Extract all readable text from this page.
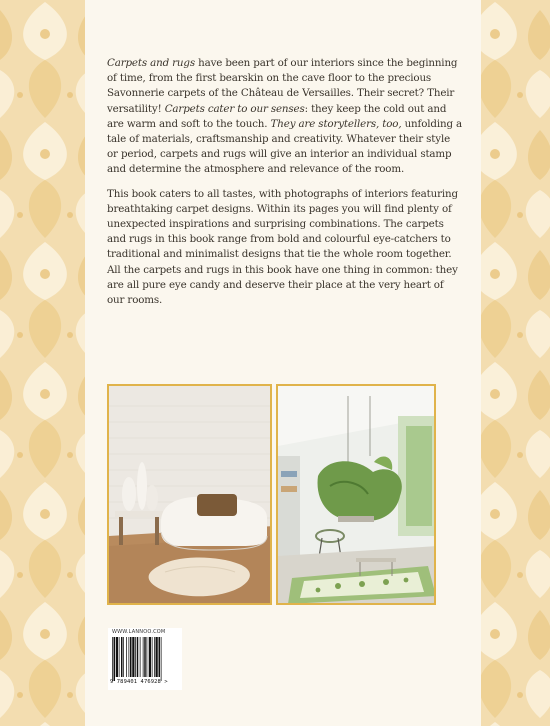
Carpets and rugs have been part of our interiors since the beginning of time, from the first bearskin on the cave floor to the precious Savonnerie carpets of the Château de Versailles. Their secret? Their versatility! Carpets cater to our senses: they keep the cold out and are warm and soft to the touch. They are storytellers, too, unfolding a tale of materials, craftsmanship and creativity. Whatever their style or period, carpets and rugs will give an interior an individual stamp and determine the atmosphere and relevance of the room.

This book caters to all tastes, with photographs of interiors featuring breathtaking carpet designs. Within its pages you will find plenty of unexpected inspirations and surprising combinations. The carpets and rugs in this book range from bold and colourful eye-catchers to traditional and minimalist designs that tie the whole room together.

All the carpets and rugs in this book have one thing in common: they are all pure eye candy and deserve their place at the very heart of our rooms.

WWW.LANNOO.COM
9 789401 476928 >
